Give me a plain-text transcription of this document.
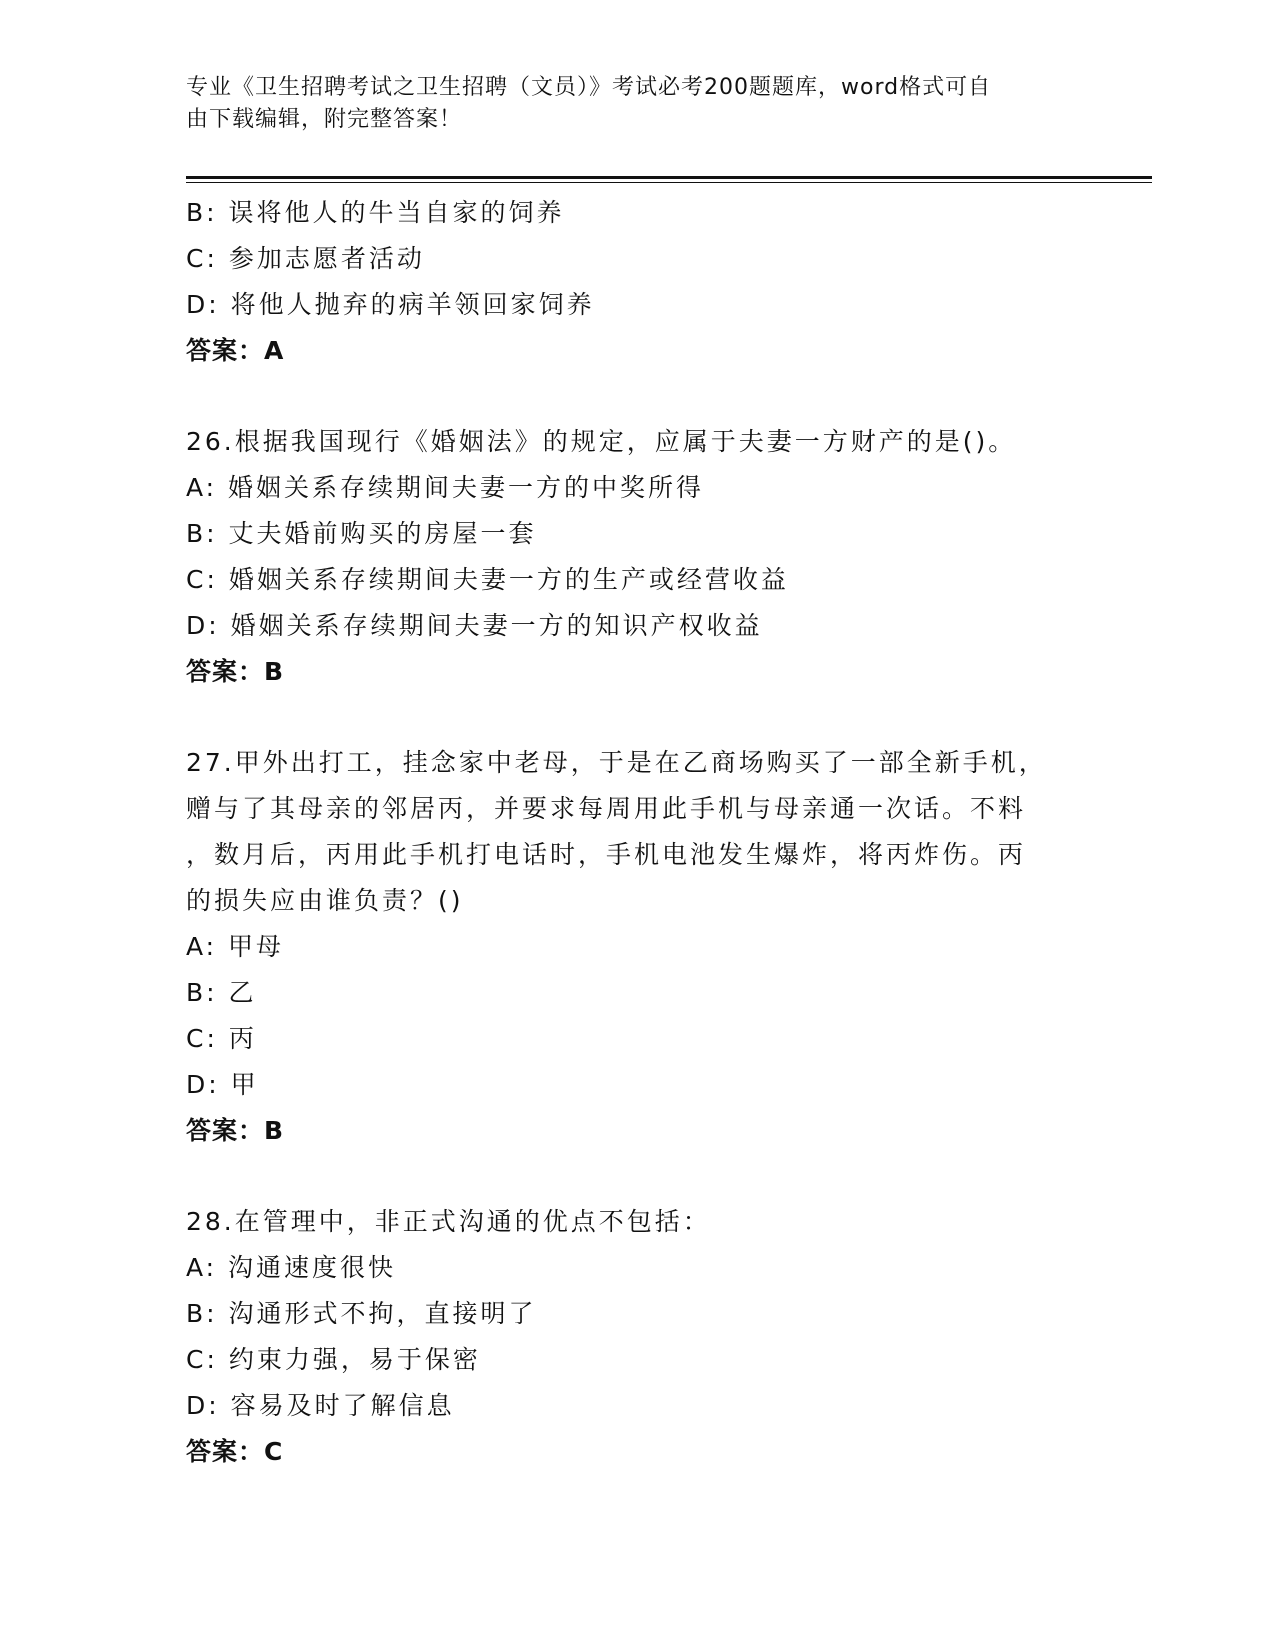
专业《卫生招聘考试之卫生招聘（文员）》考试必考200题题库，word格式可自
由下载编辑，附完整答案！
B: 误将他人的牛当自家的饲养
C: 参加志愿者活动
D: 将他人抛弃的病羊领回家饲养
答案：A
26.根据我国现行《婚姻法》的规定，应属于夫妻一方财产的是()。
A: 婚姻关系存续期间夫妻一方的中奖所得
B: 丈夫婚前购买的房屋一套
C: 婚姻关系存续期间夫妻一方的生产或经营收益
D: 婚姻关系存续期间夫妻一方的知识产权收益
答案：B
27.甲外出打工，挂念家中老母，于是在乙商场购买了一部全新手机，
赠与了其母亲的邻居丙，并要求每周用此手机与母亲通一次话。不料
，数月后，丙用此手机打电话时，手机电池发生爆炸，将丙炸伤。丙
的损失应由谁负责？()
A: 甲母
B: 乙
C: 丙
D: 甲
答案：B
28.在管理中，非正式沟通的优点不包括：
A: 沟通速度很快
B: 沟通形式不拘，直接明了
C: 约束力强，易于保密
D: 容易及时了解信息
答案：C
